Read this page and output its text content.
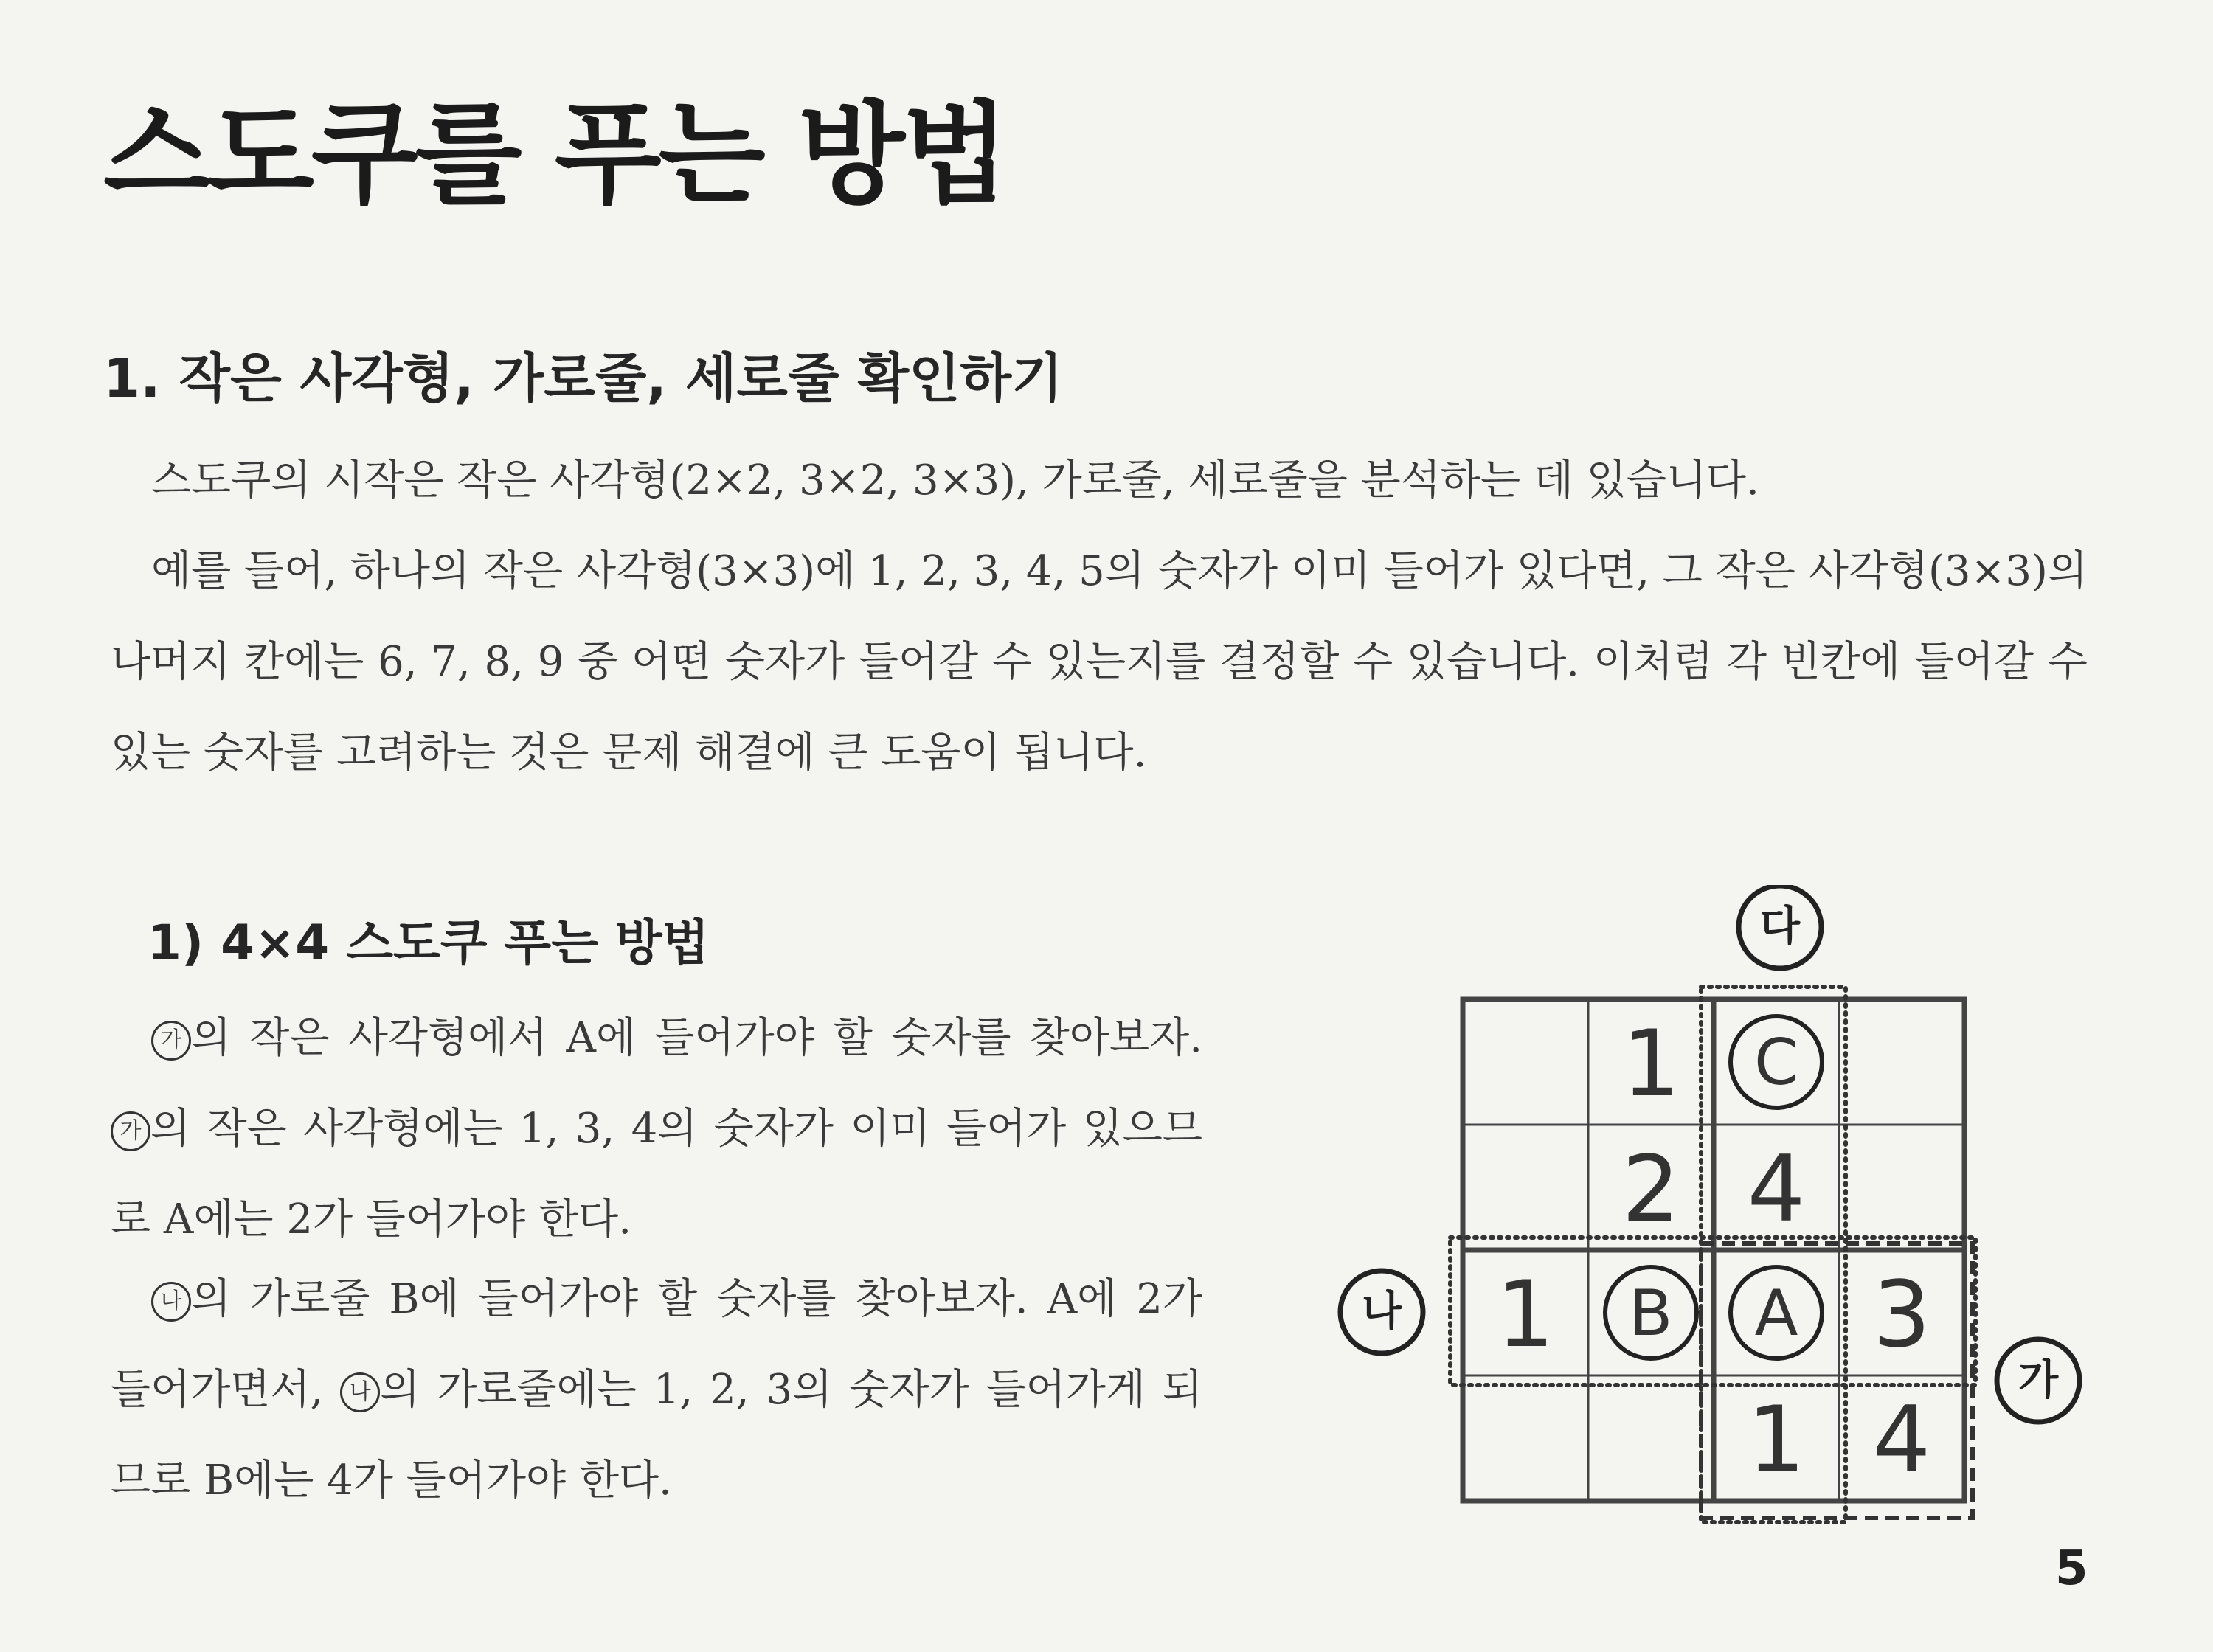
스도쿠를 푸는 방법
1. 작은 사각형, 가로줄, 세로줄 확인하기
스도쿠의 시작은 작은 사각형(2×2, 3×2, 3×3), 가로줄, 세로줄을 분석하는 데 있습니다.
예를 들어, 하나의 작은 사각형(3×3)에 1, 2, 3, 4, 5의 숫자가 이미 들어가 있다면, 그 작은 사각형(3×3)의 나머지 칸에는 6, 7, 8, 9 중 어떤 숫자가 들어갈 수 있는지를 결정할 수 있습니다. 이처럼 각 빈칸에 들어갈 수 있는 숫자를 고려하는 것은 문제 해결에 큰 도움이 됩니다.
1) 4×4 스도쿠 푸는 방법
가 의 작은 사각형에서 A에 들어가야 할 숫자를 찾아보자. 가 의 작은 사각형에는 1, 3, 4의 숫자가 이미 들어가 있으므로 A에는 2가 들어가야 한다.
나 의 가로줄 B에 들어가야 할 숫자를 찾아보자. A에 2가 들어가면서, 나 의 가로줄에는 1, 2, 3의 숫자가 들어가게 되므로 B에는 4가 들어가야 한다.
1 C
2 4
1 B A 3
1 4
다
나
가
5
